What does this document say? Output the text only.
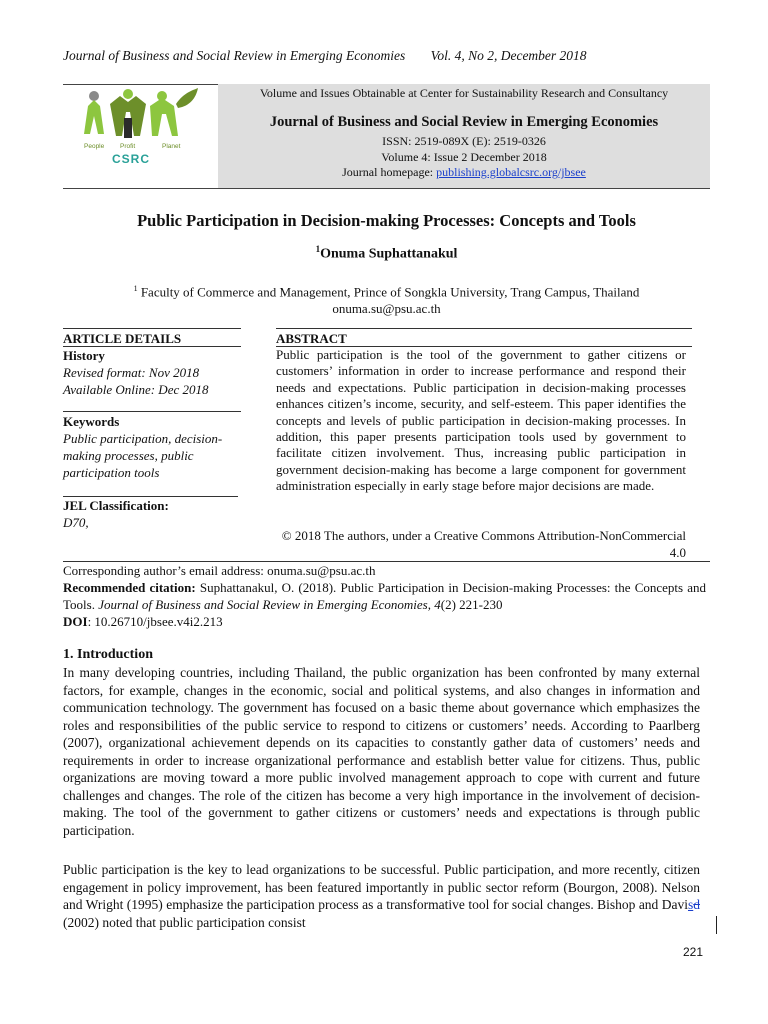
Journal of Business and Social Review in Emerging Economies Vol. 4, No 2, December 2018
People Profit	Planet
CSRC
Volume and Issues Obtainable at Center for Sustainability Research and Consultancy
Journal of Business and Social Review in Emerging Economies
ISSN: 2519-089X (E): 2519-0326
Volume 4: Issue 2 December 2018
Journal homepage: publishing.globalcsrc.org/jbsee
Public Participation in Decision-making Processes: Concepts and Tools
$^1$Onuma Suphattanakul
$^1$ Faculty of Commerce and Management, Prince of Songkla University, Trang Campus, Thailand
onuma.su@psu.ac.th
ARTICLE DETAILS
History
Revised format: Nov 2018
Available Online: Dec 2018
Keywords
Public participation, decision-making processes, public participation tools
JEL Classification:
D70,
ABSTRACT
Public participation is the tool of the government to gather citizens or customers’ information in order to increase performance and respond their needs and expectations. Public participation in decision-making processes enhances citizen’s income, security, and self-esteem. This paper identifies the concepts and levels of public participation in decision-making processes. In addition, this paper presents participation tools used by government to facilitate citizen involvement. Thus, increasing public participation in government decision-making has become a large component for government administration especially in early stage before major decisions are made.
© 2018 The authors, under a Creative Commons Attribution-NonCommercial 4.0
Corresponding author’s email address: onuma.su@psu.ac.th
Recommended citation: Suphattanakul, O. (2018). Public Participation in Decision-making Processes: the Concepts and Tools. Journal of Business and Social Review in Emerging Economies, 4(2) 221-230
DOI: 10.26710/jbsee.v4i2.213
1. Introduction
In many developing countries, including Thailand, the public organization has been confronted by many external factors, for example, changes in the economic, social and political systems, and also changes in information and communication technology. The government has focused on a basic theme about governance which emphasizes the roles and responsibilities of the public service to respond to citizens or customers’ needs. According to Paarlberg (2007), organizational achievement depends on its capacities to constantly gather data of customers’ needs and requirements in order to increase organizational performance and establish better value for citizens. Thus, public organizations are moving toward a more public involved management approach to cope with current and future challenges and changes. The role of the citizen has become a very high importance in the involvement of decision-making. The tool of the government to gather citizens or customers’ needs and expectations is through public participation.
Public participation is the key to lead organizations to be successful. Public participation, and more recently, citizen engagement in policy improvement, has been featured importantly in public sector reform (Bourgon, 2008). Nelson and Wright (1995) emphasize the participation process as a transformative tool for social changes. Bishop and Davisd (2002) noted that public participation consist
221
